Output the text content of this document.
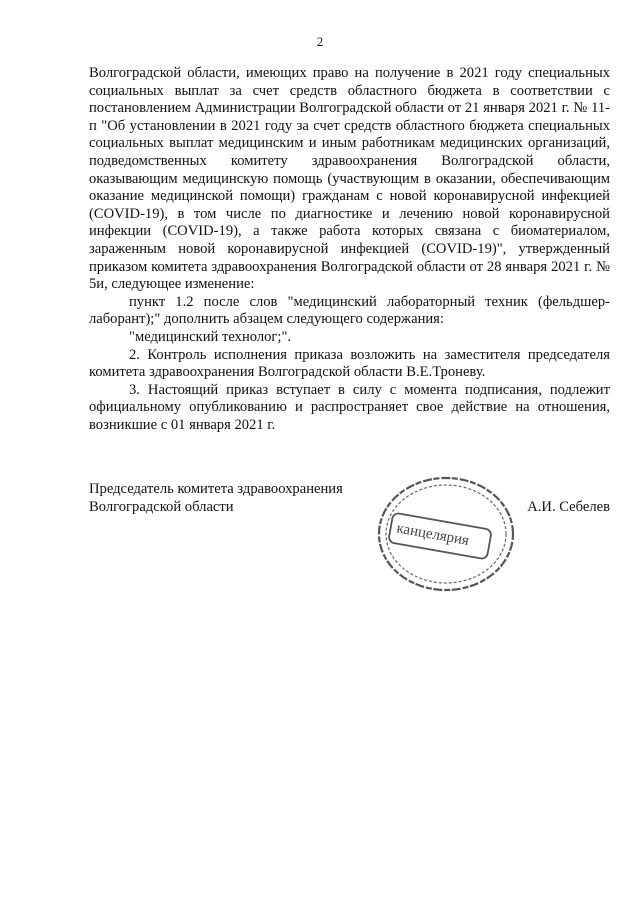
2

Волгоградской области, имеющих право на получение в 2021 году специальных социальных выплат за счет средств областного бюджета в соответствии с постановлением Администрации Волгоградской области от 21 января 2021 г. № 11-п "Об установлении в 2021 году за счет средств областного бюджета специальных социальных выплат медицинским и иным работникам медицинских организаций, подведомственных комитету здравоохранения Волгоградской области, оказывающим медицинскую помощь (участвующим в оказании, обеспечивающим оказание медицинской помощи) гражданам с новой коронавирусной инфекцией (COVID-19), в том числе по диагностике и лечению новой коронавирусной инфекции (COVID-19), а также работа которых связана с биоматериалом, зараженным новой коронавирусной инфекцией (COVID-19)", утвержденный приказом комитета здравоохранения Волгоградской области от 28 января 2021 г. № 5и, следующее изменение:

пункт 1.2 после слов "медицинский лабораторный техник (фельдшер-лаборант);" дополнить абзацем следующего содержания:

"медицинский технолог;".

2. Контроль исполнения приказа возложить на заместителя председателя комитета здравоохранения Волгоградской области В.Е.Троневу.

3. Настоящий приказ вступает в силу с момента подписания, подлежит официальному опубликованию и распространяет свое действие на отношения, возникшие с 01 января 2021 г.

Председатель комитета здравоохранения
Волгоградской области
канцелярия
А.И. Себелев
